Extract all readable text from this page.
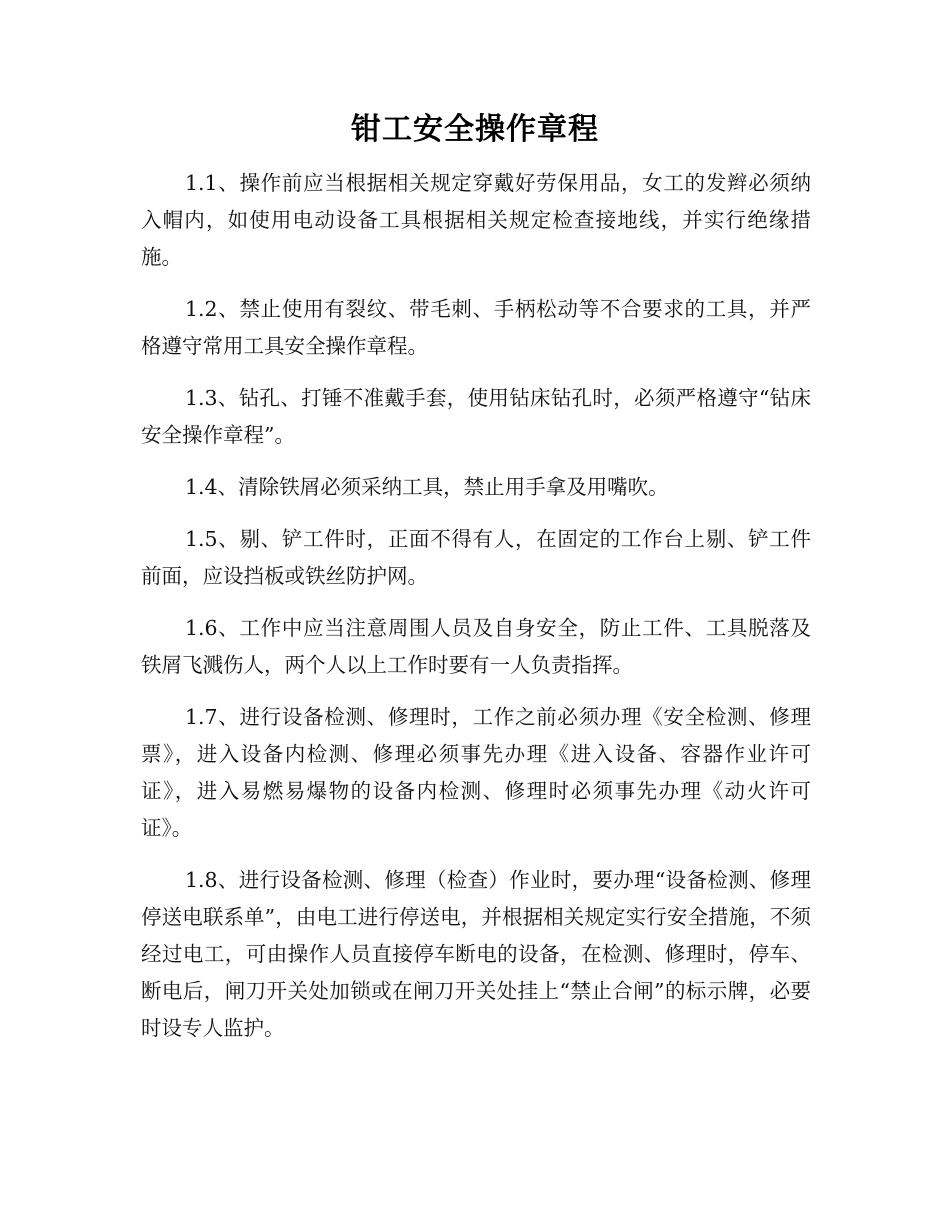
钳工安全操作章程

1.1、操作前应当根据相关规定穿戴好劳保用品，女工的发辫必须纳入帽内，如使用电动设备工具根据相关规定检查接地线，并实行绝缘措施。

1.2、禁止使用有裂纹、带毛刺、手柄松动等不合要求的工具，并严格遵守常用工具安全操作章程。

1.3、钻孔、打锤不准戴手套，使用钻床钻孔时，必须严格遵守“钻床安全操作章程”。

1.4、清除铁屑必须采纳工具，禁止用手拿及用嘴吹。

1.5、剔、铲工件时，正面不得有人，在固定的工作台上剔、铲工件前面，应设挡板或铁丝防护网。

1.6、工作中应当注意周围人员及自身安全，防止工件、工具脱落及铁屑飞溅伤人，两个人以上工作时要有一人负责指挥。

1.7、进行设备检测、修理时，工作之前必须办理《安全检测、修理票》，进入设备内检测、修理必须事先办理《进入设备、容器作业许可证》，进入易燃易爆物的设备内检测、修理时必须事先办理《动火许可证》。

1.8、进行设备检测、修理（检查）作业时，要办理“设备检测、修理停送电联系单”，由电工进行停送电，并根据相关规定实行安全措施，不须经过电工，可由操作人员直接停车断电的设备，在检测、修理时，停车、断电后，闸刀开关处加锁或在闸刀开关处挂上“禁止合闸”的标示牌，必要时设专人监护。
